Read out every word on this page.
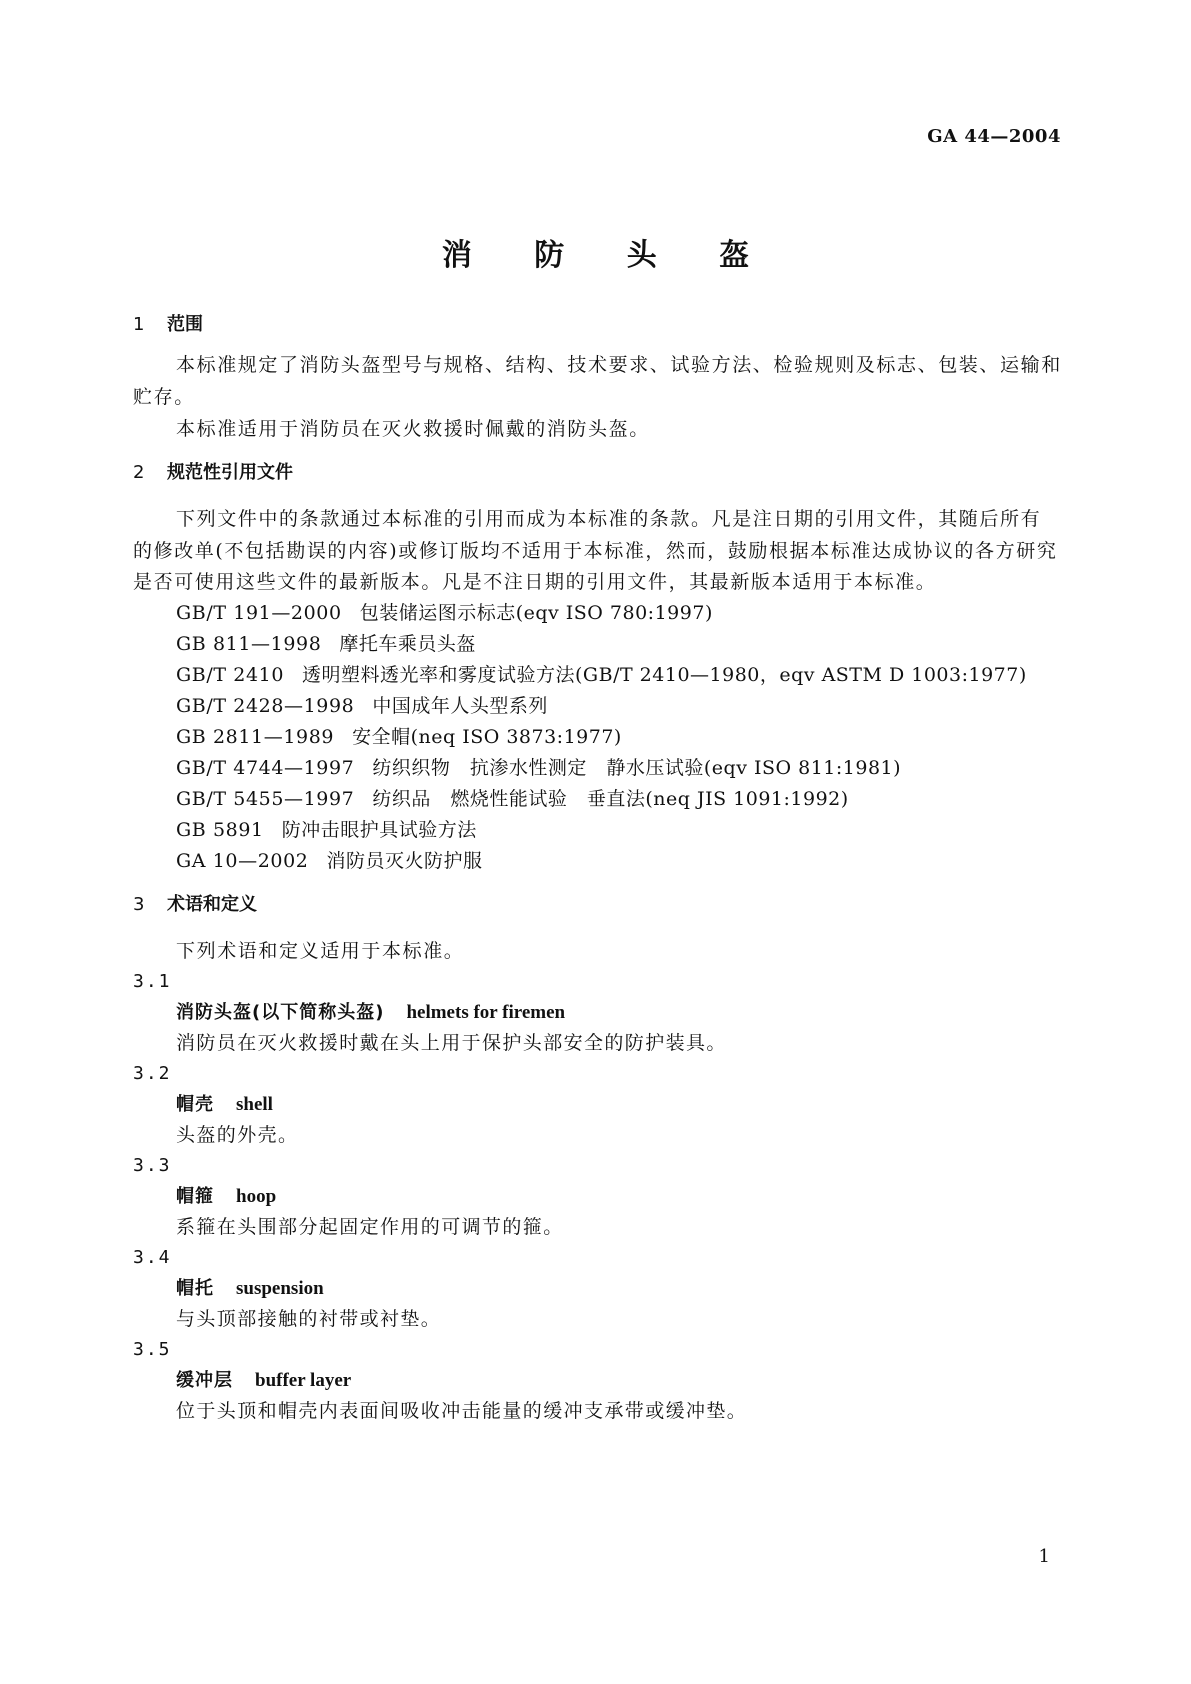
GA 44—2004
消 防 头 盔
1 范围
本标准规定了消防头盔型号与规格、结构、技术要求、试验方法、检验规则及标志、包装、运输和
贮存。
本标准适用于消防员在灭火救援时佩戴的消防头盔。
2 规范性引用文件
下列文件中的条款通过本标准的引用而成为本标准的条款。凡是注日期的引用文件，其随后所有
的修改单(不包括勘误的内容)或修订版均不适用于本标准，然而，鼓励根据本标准达成协议的各方研究
是否可使用这些文件的最新版本。凡是不注日期的引用文件，其最新版本适用于本标准。
GB/T 191—2000 包装储运图示标志(eqv ISO 780:1997)
GB 811—1998 摩托车乘员头盔
GB/T 2410 透明塑料透光率和雾度试验方法(GB/T 2410—1980，eqv ASTM D 1003:1977)
GB/T 2428—1998 中国成年人头型系列
GB 2811—1989 安全帽(neq ISO 3873:1977)
GB/T 4744—1997 纺织织物　抗渗水性测定　静水压试验(eqv ISO 811:1981)
GB/T 5455—1997 纺织品　燃烧性能试验　垂直法(neq JIS 1091:1992)
GB 5891 防冲击眼护具试验方法
GA 10—2002 消防员灭火防护服
3 术语和定义
下列术语和定义适用于本标准。
3.1
消防头盔(以下简称头盔) helmets for firemen
消防员在灭火救援时戴在头上用于保护头部安全的防护装具。
3.2
帽壳 shell
头盔的外壳。
3.3
帽箍 hoop
系箍在头围部分起固定作用的可调节的箍。
3.4
帽托 suspension
与头顶部接触的衬带或衬垫。
3.5
缓冲层 buffer layer
位于头顶和帽壳内表面间吸收冲击能量的缓冲支承带或缓冲垫。
1
